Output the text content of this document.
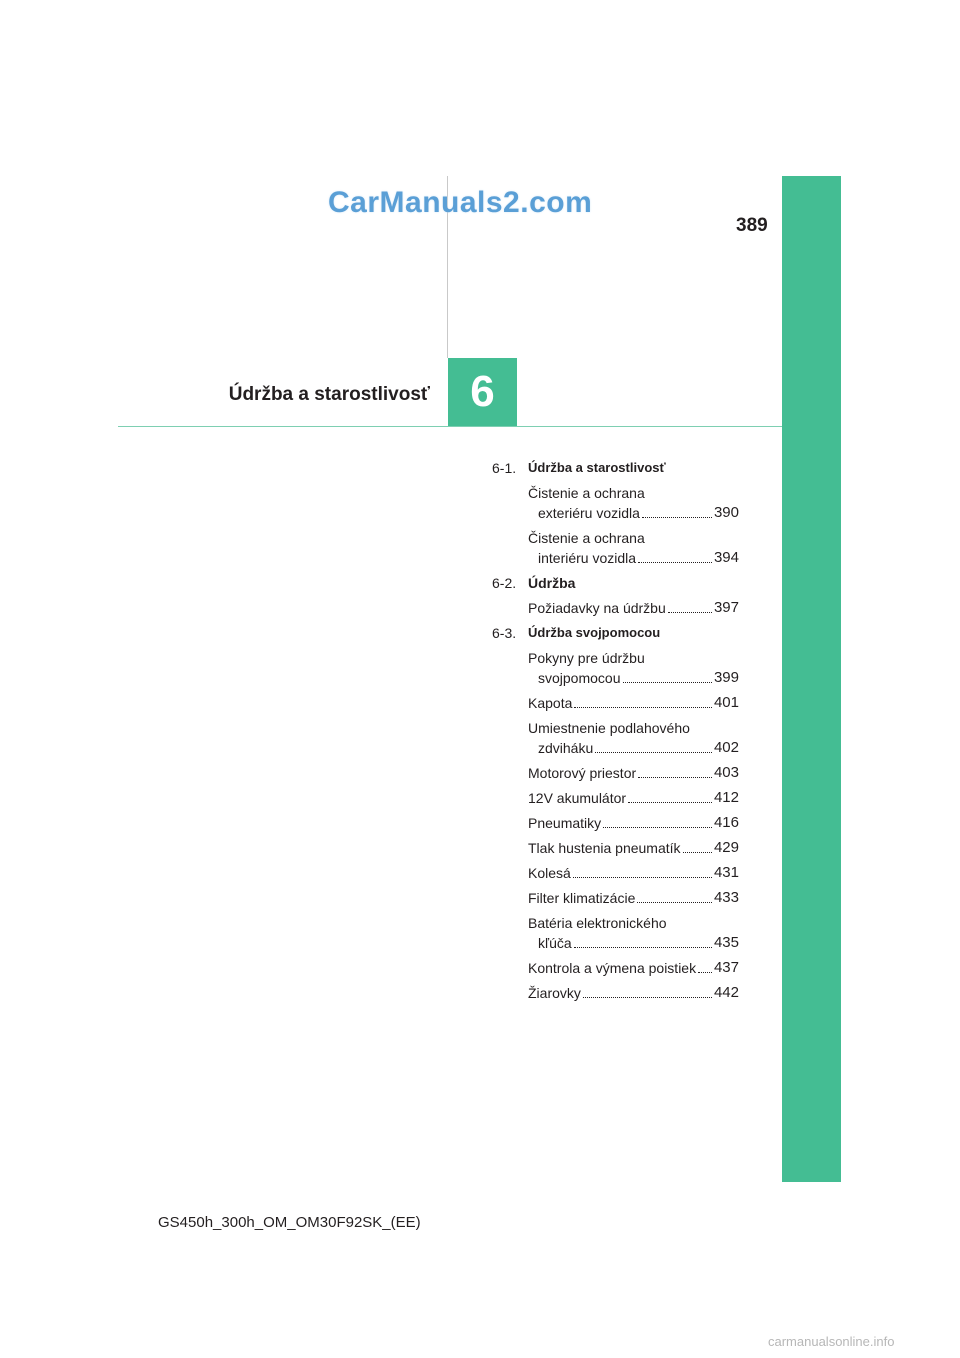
CarManuals2.com
389
Údržba a starostlivosť 6
6-1. Údržba a starostlivosť
Čistenie a ochrana
exteriéru vozidla	390
Čistenie a ochrana
interiéru vozidla	394
6-2. Údržba
Požiadavky na údržbu	397
6-3. Údržba svojpomocou
Pokyny pre údržbu
svojpomocou	399
Kapota	401
Umiestnenie podlahového
zdviháku	402
Motorový priestor	403
12V akumulátor	412
Pneumatiky	416
Tlak hustenia pneumatík 429
Kolesá	431
Filter klimatizácie	433
Batéria elektronického
kľúča	435
Kontrola a výmena poistiek 437
Žiarovky	442
GS450h_300h_OM_OM30F92SK_(EE)
carmanualsonline.info
